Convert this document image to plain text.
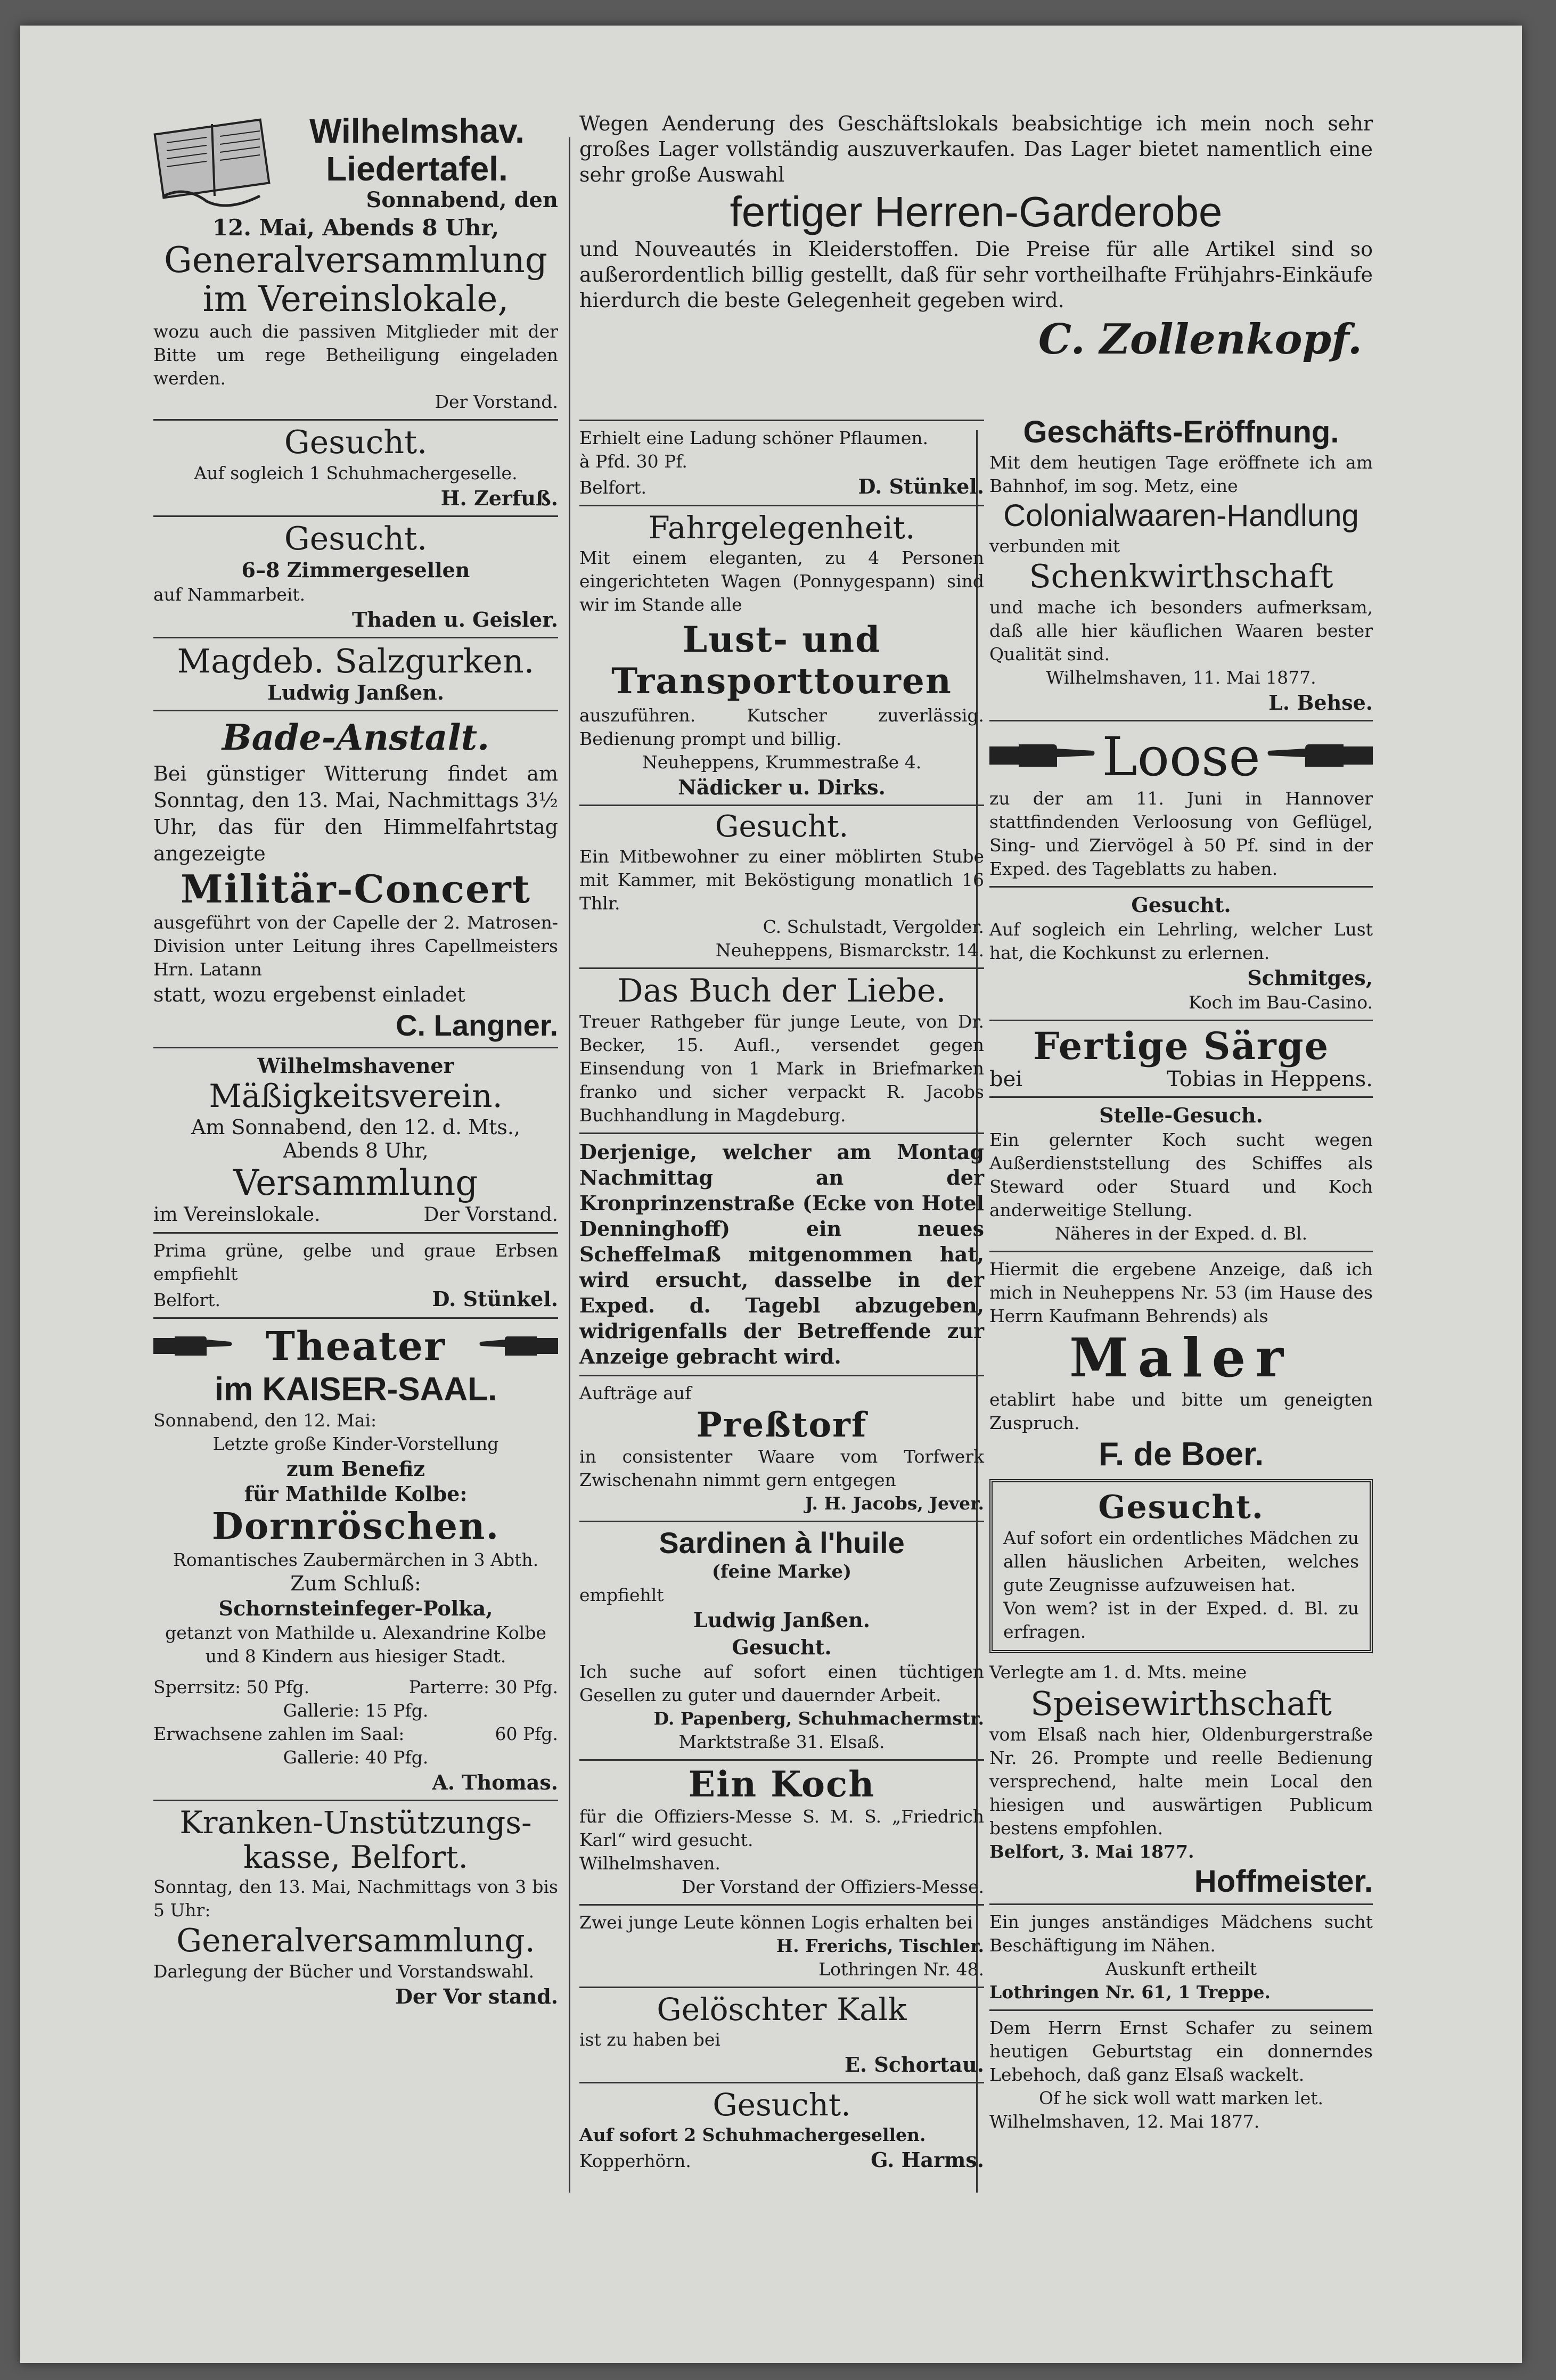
Wilhelmshav.
Liedertafel.
Sonnabend, den
12. Mai, Abends 8 Uhr,
Generalversammlung
im Vereinslokale,

wozu auch die passiven Mitglieder mit der Bitte um rege Betheiligung eingeladen werden.

Der Vorstand.

Gesucht.

Auf sogleich 1 Schuhmachergeselle.

H. Zerfuß.
Gesucht.
6–8 Zimmergesellen

auf Nammarbeit.

Thaden u. Geisler.
Magdeb. Salzgurken.
Ludwig Janßen.
Bade-Anstalt.

Bei günstiger Witterung findet am Sonntag, den 13. Mai, Nachmittags 3½ Uhr, das für den Himmelfahrtstag angezeigte

Militär-Concert

ausgeführt von der Capelle der 2. Matrosen-Division unter Leitung ihres Capellmeisters Hrn. Latann

statt, wozu ergebenst einladet

C. Langner.
Wilhelmshavener
Mäßigkeitsverein.

Am Sonnabend, den 12. d. Mts.,

Abends 8 Uhr,

Versammlung

im Vereinslokale.	Der Vorstand.

Prima grüne, gelbe und graue Erbsen empfiehlt

Belfort.	D. Stünkel.
Theater
im KAISER-SAAL.

Sonnabend, den 12. Mai:

Letzte große Kinder-Vorstellung

zum Benefiz
für Mathilde Kolbe:
Dornröschen.

Romantisches Zaubermärchen in 3 Abth.

Zum Schluß:

Schornsteinfeger-Polka,

getanzt von Mathilde u. Alexandrine Kolbe und 8 Kindern aus hiesiger Stadt.

Sperrsitz: 50 Pfg.	Parterre: 30 Pfg.

Gallerie: 15 Pfg.

Erwachsene zahlen im Saal:	60 Pfg.

Gallerie: 40 Pfg.

A. Thomas.
Kranken-Unstützungs-
kasse, Belfort.

Sonntag, den 13. Mai, Nachmittags von 3 bis 5 Uhr:

Generalversammlung.

Darlegung der Bücher und Vorstandswahl.

Der Vor stand.

Wegen Aenderung des Geschäftslokals beabsichtige ich mein noch sehr großes Lager vollständig auszuverkaufen. Das Lager bietet namentlich eine sehr große Auswahl

fertiger Herren-Garderobe

und Nouveautés in Kleiderstoffen. Die Preise für alle Artikel sind so außerordentlich billig gestellt, daß für sehr vortheilhafte Frühjahrs-Einkäufe hierdurch die beste Gelegenheit gegeben wird.

C. Zollenkopf.

Erhielt eine Ladung schöner Pflaumen.

à Pfd. 30 Pf.

Belfort.	D. Stünkel.
Fahrgelegenheit.

Mit einem eleganten, zu 4 Personen eingerichteten Wagen (Ponnygespann) sind wir im Stande alle

Lust- und Transporttouren

auszuführen. Kutscher zuverlässig. Bedienung prompt und billig.

Neuheppens, Krummestraße 4.

Nädicker u. Dirks.
Gesucht.

Ein Mitbewohner zu einer möblirten Stube mit Kammer, mit Beköstigung monatlich 16 Thlr.

C. Schulstadt, Vergolder.

Neuheppens, Bismarckstr. 14.

Das Buch der Liebe.

Treuer Rathgeber für junge Leute, von Dr. Becker, 15. Aufl., versendet gegen Einsendung von 1 Mark in Briefmarken franko und sicher verpackt R. Jacobs Buchhandlung in Magdeburg.

Derjenige, welcher am Montag Nachmittag an der Kronprinzenstraße (Ecke von Hotel Denninghoff) ein neues Scheffelmaß mitgenommen hat, wird ersucht, dasselbe in der Exped. d. Tagebl abzugeben, widrigenfalls der Betreffende zur Anzeige gebracht wird.

Aufträge auf

Preßtorf

in consistenter Waare vom Torfwerk Zwischenahn nimmt gern entgegen

J. H. Jacobs, Jever.

Sardinen à l'huile
(feine Marke)

empfiehlt

Ludwig Janßen.
Gesucht.

Ich suche auf sofort einen tüchtigen Gesellen zu guter und dauernder Arbeit.

D. Papenberg, Schuhmachermstr.

Marktstraße 31. Elsaß.

Ein Koch

für die Offiziers-Messe S. M. S. „Friedrich Karl“ wird gesucht.

Wilhelmshaven.

Der Vorstand der Offiziers-Messe.

Zwei junge Leute können Logis erhalten bei

H. Frerichs, Tischler.

Lothringen Nr. 48.

Gelöschter Kalk

ist zu haben bei

E. Schortau.
Gesucht.

Auf sofort 2 Schuhmachergesellen.

Kopperhörn.	G. Harms.
Geschäfts-Eröffnung.

Mit dem heutigen Tage eröffnete ich am Bahnhof, im sog. Metz, eine

Colonialwaaren-Handlung

verbunden mit

Schenkwirthschaft

und mache ich besonders aufmerksam, daß alle hier käuflichen Waaren bester Qualität sind.

Wilhelmshaven, 11. Mai 1877.

L. Behse.
Loose

zu der am 11. Juni in Hannover stattfindenden Verloosung von Geflügel, Sing- und Ziervögel à 50 Pf. sind in der Exped. des Tageblatts zu haben.

Gesucht.

Auf sogleich ein Lehrling, welcher Lust hat, die Kochkunst zu erlernen.

Schmitges,

Koch im Bau-Casino.

Fertige Särge

bei	Tobias in Heppens.

Stelle-Gesuch.

Ein gelernter Koch sucht wegen Außerdienststellung des Schiffes als Steward oder Stuard und Koch anderweitige Stellung.

Näheres in der Exped. d. Bl.

Hiermit die ergebene Anzeige, daß ich mich in Neuheppens Nr. 53 (im Hause des Herrn Kaufmann Behrends) als

Maler

etablirt habe und bitte um geneigten Zuspruch.

F. de Boer.
Gesucht.

Auf sofort ein ordentliches Mädchen zu allen häuslichen Arbeiten, welches gute Zeugnisse aufzuweisen hat.

Von wem? ist in der Exped. d. Bl. zu erfragen.

Verlegte am 1. d. Mts. meine

Speisewirthschaft

vom Elsaß nach hier, Oldenburgerstraße Nr. 26. Prompte und reelle Bedienung versprechend, halte mein Local den hiesigen und auswärtigen Publicum bestens empfohlen.

Belfort, 3. Mai 1877.

Hoffmeister.

Ein junges anständiges Mädchens sucht Beschäftigung im Nähen.

Auskunft ertheilt

Lothringen Nr. 61, 1 Treppe.

Dem Herrn Ernst Schafer zu seinem heutigen Geburtstag ein donnerndes Lebehoch, daß ganz Elsaß wackelt.

Of he sick woll watt marken let.

Wilhelmshaven, 12. Mai 1877.
